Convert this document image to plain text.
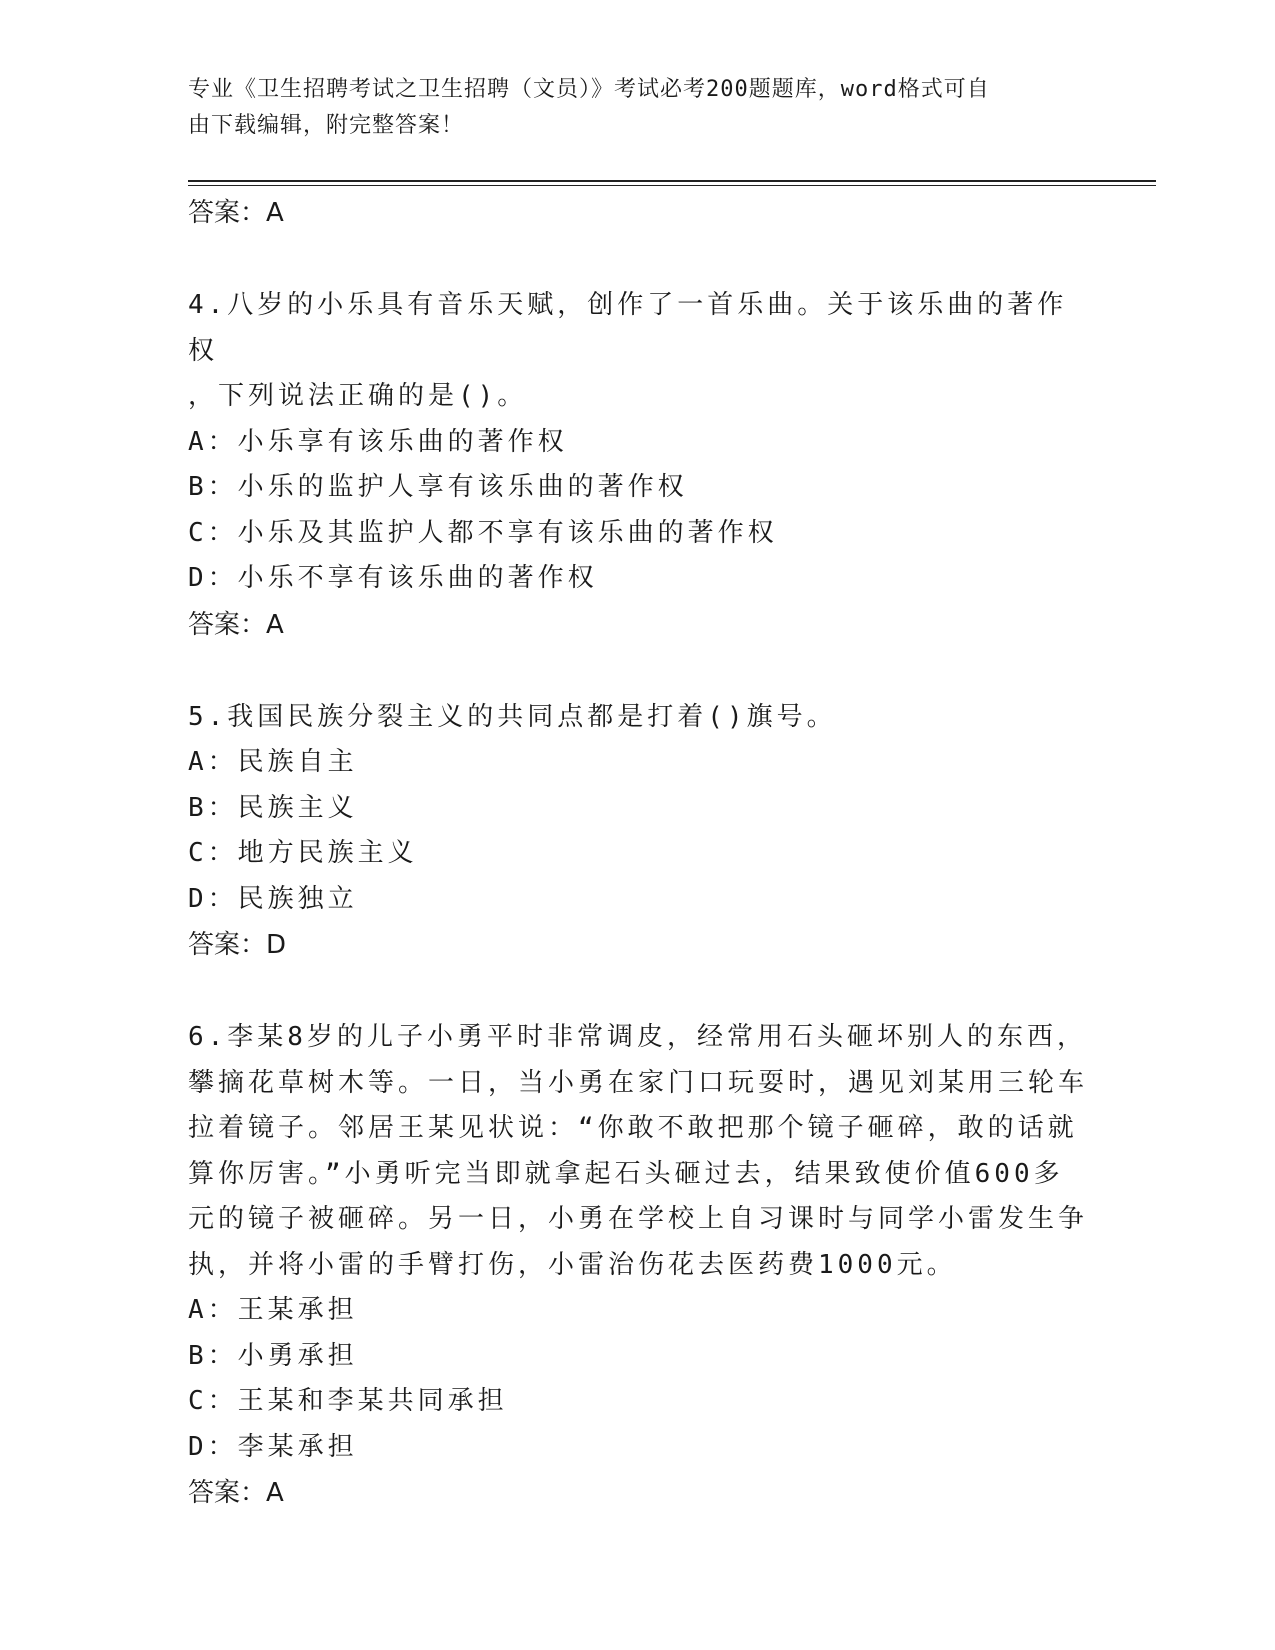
专业《卫生招聘考试之卫生招聘（文员）》考试必考200题题库，word格式可自
由下载编辑，附完整答案！
答案：A
4.八岁的小乐具有音乐天赋，创作了一首乐曲。关于该乐曲的著作权
，下列说法正确的是()。
A：小乐享有该乐曲的著作权
B：小乐的监护人享有该乐曲的著作权
C：小乐及其监护人都不享有该乐曲的著作权
D：小乐不享有该乐曲的著作权
答案：A
5.我国民族分裂主义的共同点都是打着()旗号。
A：民族自主
B：民族主义
C：地方民族主义
D：民族独立
答案：D
6.李某8岁的儿子小勇平时非常调皮，经常用石头砸坏别人的东西，
攀摘花草树木等。一日，当小勇在家门口玩耍时，遇见刘某用三轮车
拉着镜子。邻居王某见状说：“你敢不敢把那个镜子砸碎，敢的话就
算你厉害。”小勇听完当即就拿起石头砸过去，结果致使价值600多
元的镜子被砸碎。另一日，小勇在学校上自习课时与同学小雷发生争
执，并将小雷的手臂打伤，小雷治伤花去医药费1000元。
A：王某承担
B：小勇承担
C：王某和李某共同承担
D：李某承担
答案：A
